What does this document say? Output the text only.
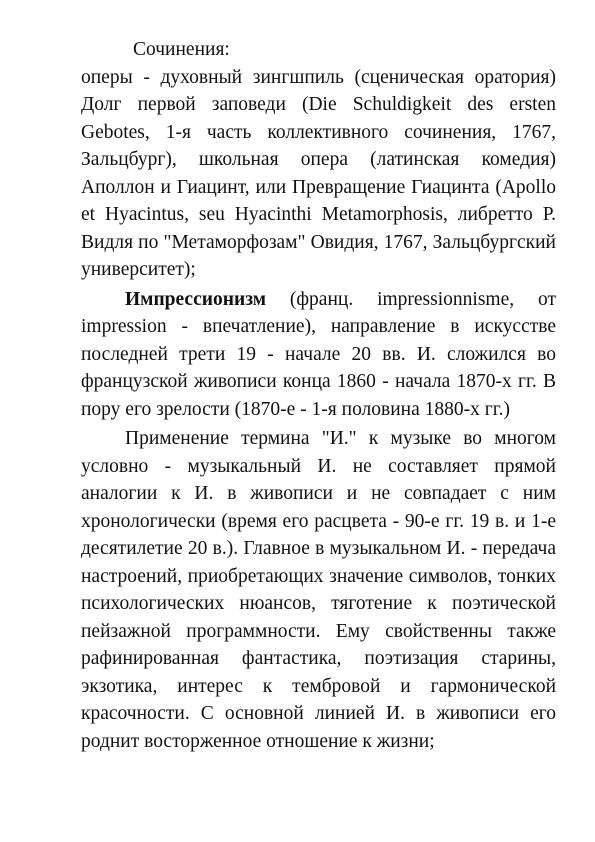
Сочинения:

оперы - духовный зингшпиль (сценическая оратория) Долг первой заповеди (Die Schuldigkeit des ersten Gebotes, 1-я часть коллективного сочинения, 1767, Зальцбург), школьная опера (латинская комедия) Аполлон и Гиацинт, или Превращение Гиацинта (Apollo et Hyacintus, seu Hyacinthi Metamorphosis, либретто Р. Видля по "Метаморфозам" Овидия, 1767, Зальцбургский университет);

Импрессионизм (франц. impressionnisme, от impression - впечатление), направление в искусстве последней трети 19 - начале 20 вв. И. сложился во французской живописи конца 1860 - начала 1870-х гг. В пору его зрелости (1870-е - 1-я половина 1880-х гг.)

Применение термина "И." к музыке во многом условно - музыкальный И. не составляет прямой аналогии к И. в живописи и не совпадает с ним хронологически (время его расцвета - 90-е гг. 19 в. и 1-е десятилетие 20 в.). Главное в музыкальном И. - передача настроений, приобретающих значение символов, тонких психологических нюансов, тяготение к поэтической пейзажной программности. Ему свойственны также рафинированная фантастика, поэтизация старины, экзотика, интерес к тембровой и гармонической красочности. С основной линией И. в живописи его роднит восторженное отношение к жизни;
